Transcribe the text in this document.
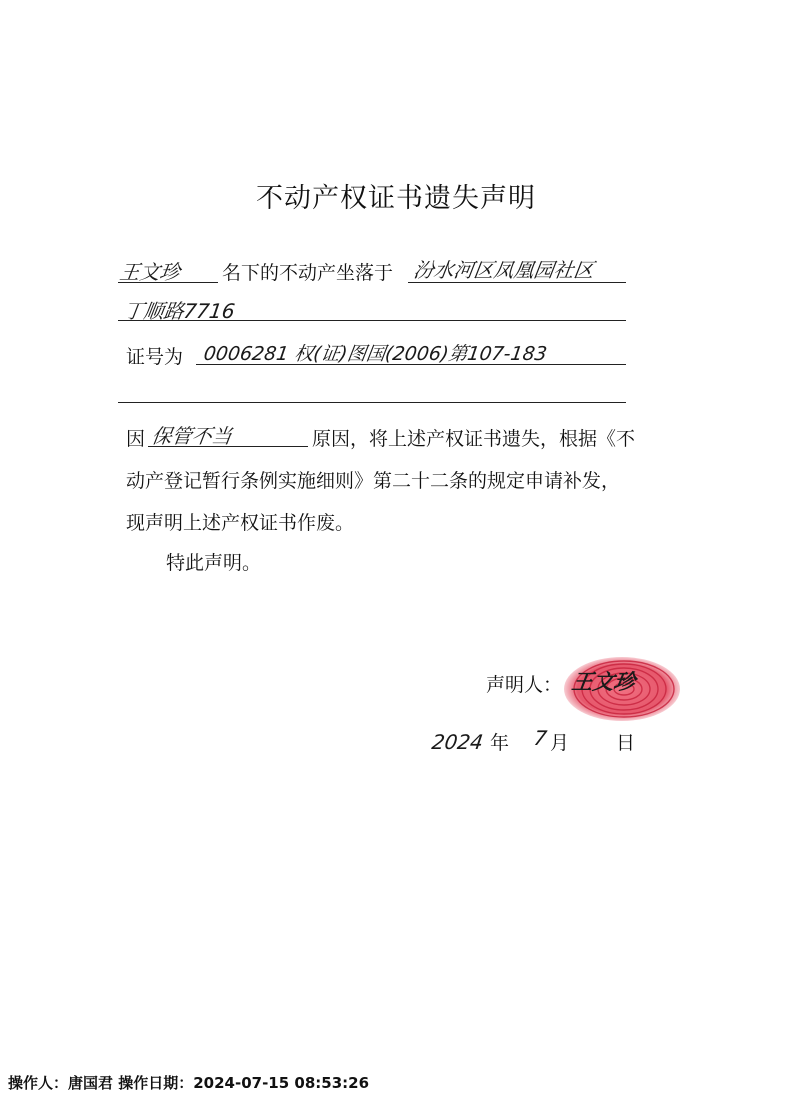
不动产权证书遗失声明
王文珍 名下的不动产坐落于 汾水河区凤凰园社区
丁顺路7716
证号为 0006281 权(证)图国(2006)第107-183
因 保管不当	原因，将上述产权证书遗失，根据《不
动产登记暂行条例实施细则》第二十二条的规定申请补发，
现声明上述产权证书作废。
特此声明。
声明人： 王文珍
2024 年 7 月 日
操作人：唐国君 操作日期：2024-07-15 08:53:26
